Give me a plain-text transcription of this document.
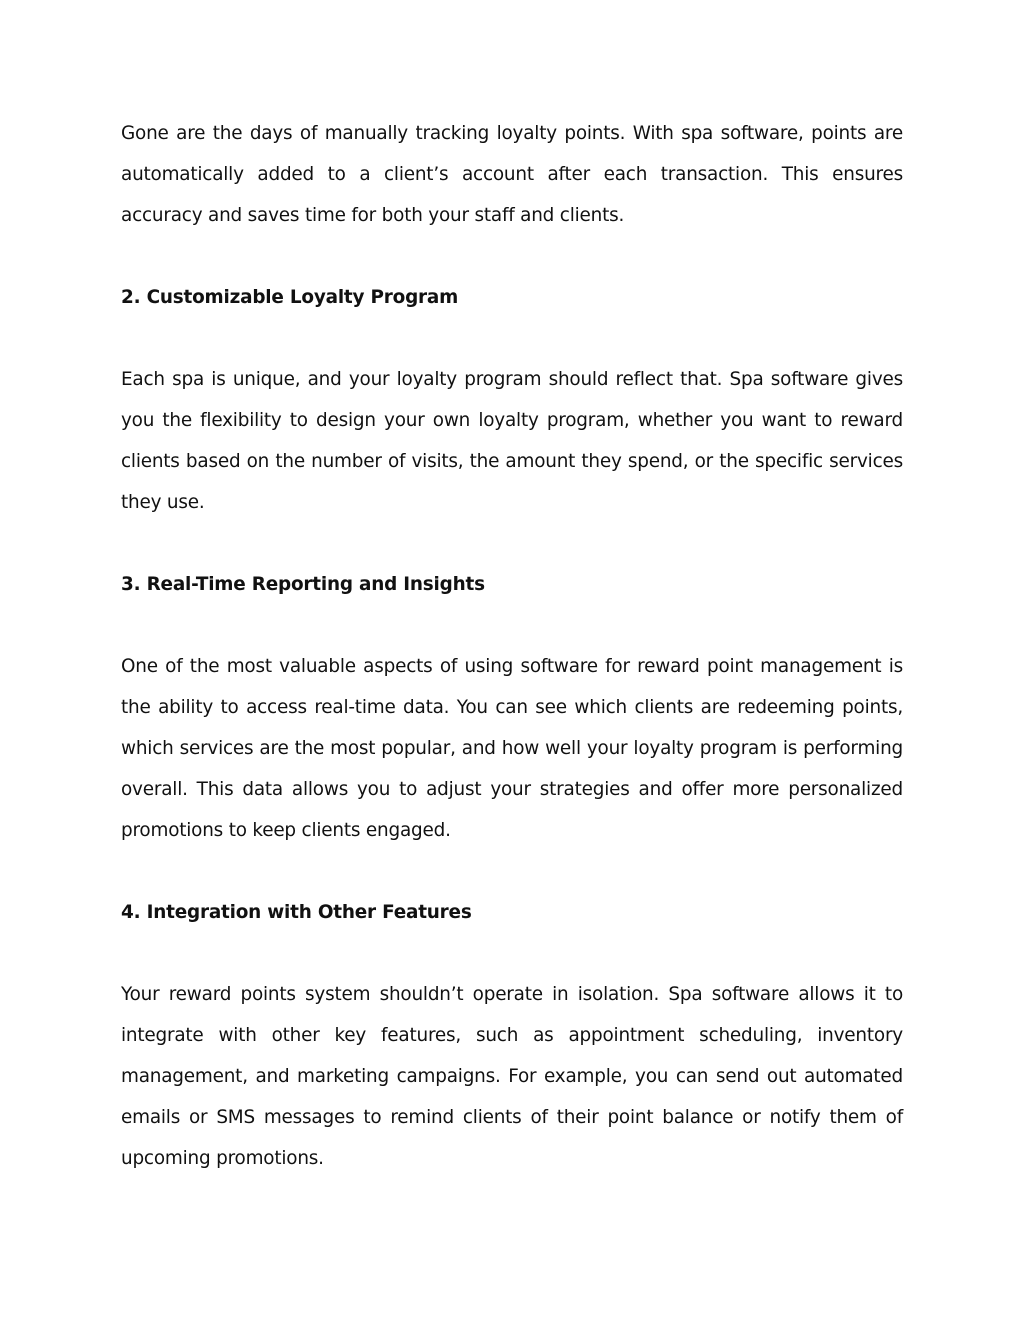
Gone are the days of manually tracking loyalty points. With spa software, points are automatically added to a client’s account after each transaction. This ensures accuracy and saves time for both your staff and clients.

2. Customizable Loyalty Program

Each spa is unique, and your loyalty program should reflect that. Spa software gives you the flexibility to design your own loyalty program, whether you want to reward clients based on the number of visits, the amount they spend, or the specific services they use.

3. Real-Time Reporting and Insights

One of the most valuable aspects of using software for reward point management is the ability to access real-time data. You can see which clients are redeeming points, which services are the most popular, and how well your loyalty program is performing overall. This data allows you to adjust your strategies and offer more personalized promotions to keep clients engaged.

4. Integration with Other Features

Your reward points system shouldn’t operate in isolation. Spa software allows it to integrate with other key features, such as appointment scheduling, inventory management, and marketing campaigns. For example, you can send out automated emails or SMS messages to remind clients of their point balance or notify them of upcoming promotions.
